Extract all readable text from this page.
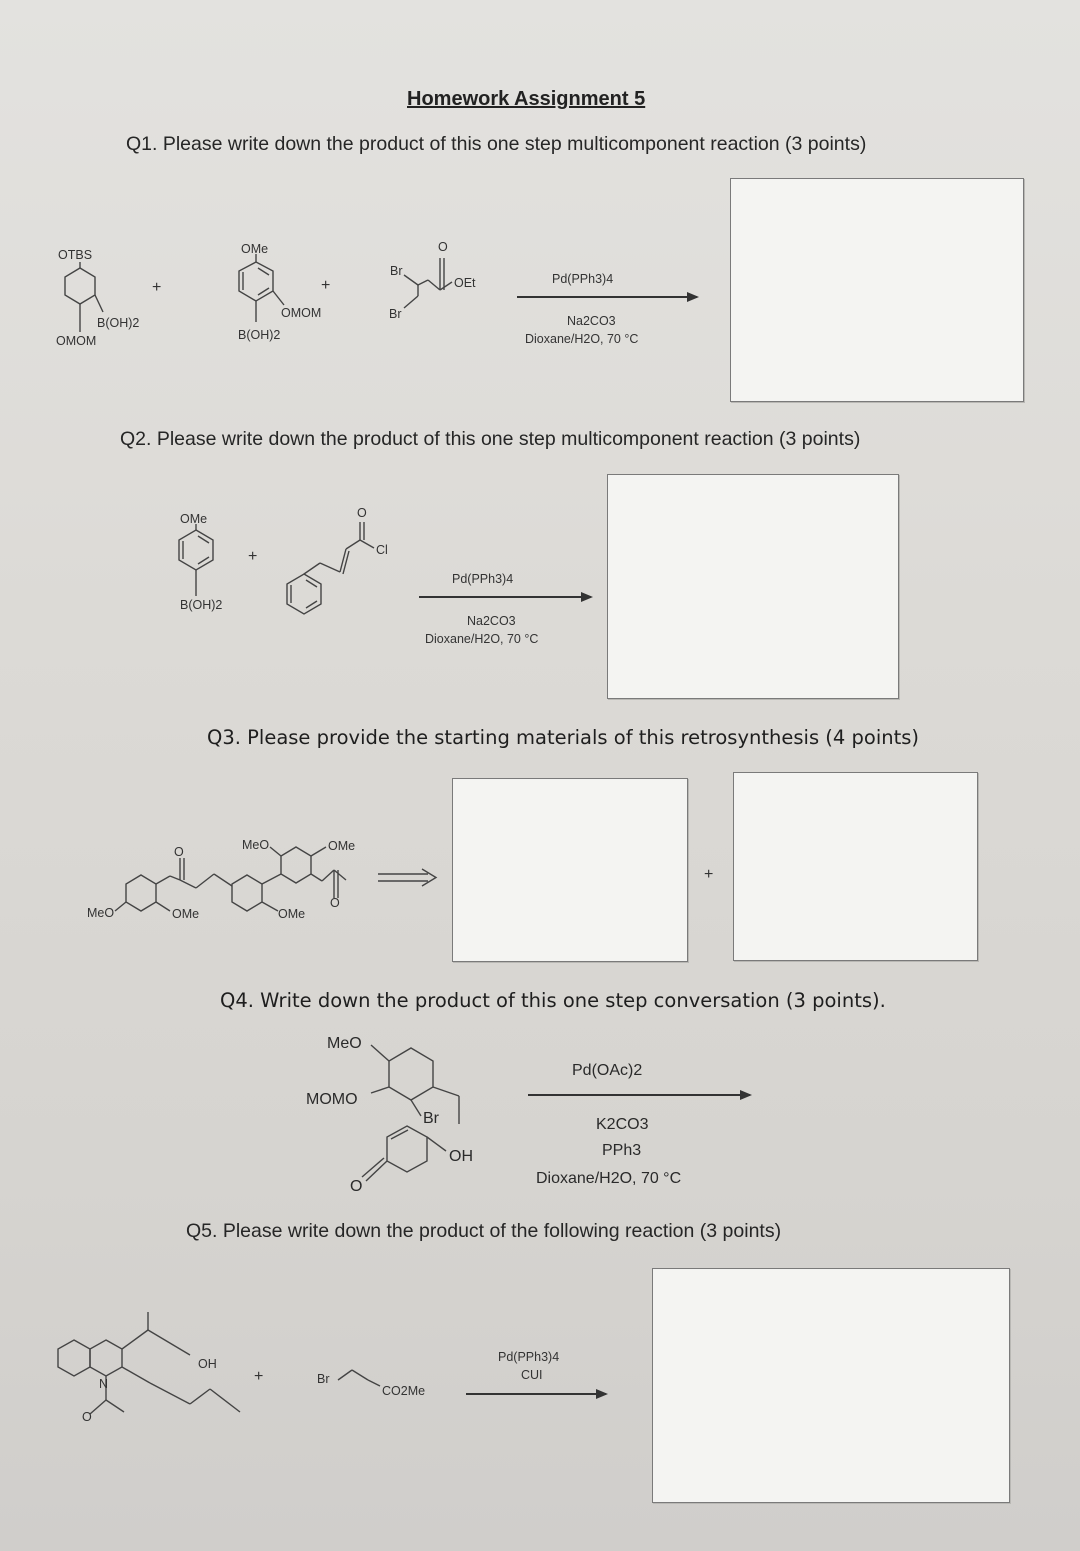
Homework Assignment 5
Q1. Please write down the product of this one step multicomponent reaction (3 points)
OTBS
B(OH)2
OMOM
+
OMe
OMOM
B(OH)2
+
Br
Br
O
OEt	Pd(PPh3)4
Na2CO3
Dioxane/H2O, 70 °C
Q2. Please write down the product of this one step multicomponent reaction (3 points)
OMe
B(OH)2
+
O
Cl
Pd(PPh3)4
Na2CO3
Dioxane/H2O, 70 °C
Q3. Please provide the starting materials of this retrosynthesis (4 points)
MeO	OMe
O
MeO	OMe	OMe
O
+
Q4. Write down the product of this one step conversation (3 points).
MeO
MOMO
Br
OH
O
Pd(OAc)2
K2CO3
PPh3
Dioxane/H2O, 70 °C
Q5. Please write down the product of the following reaction (3 points)
N
O
OH
+	Br
CO2Me
Pd(PPh3)4
CUI
